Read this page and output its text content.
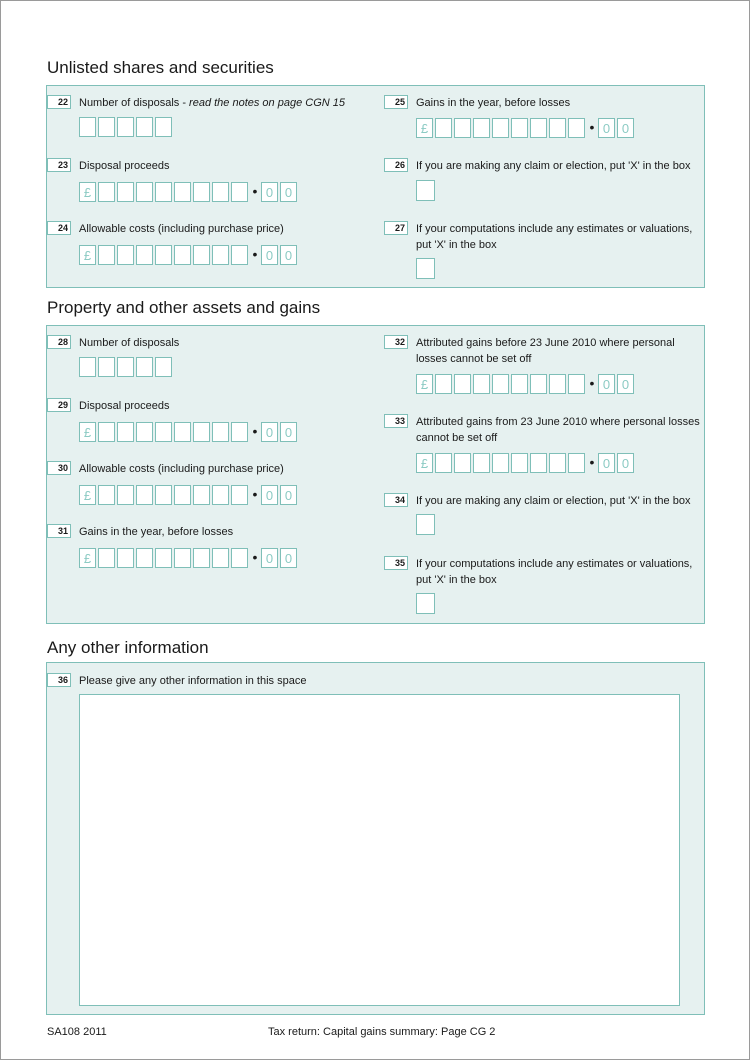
Unlisted shares and securities
22 Number of disposals - read the notes on page CGN 15
23 Disposal proceeds
£	• 0 0
24 Allowable costs (including purchase price)
£	• 0 0
25 Gains in the year, before losses
£	• 0 0
26 If you are making any claim or election, put 'X' in the box
27 If your computations include any estimates or valuations, put 'X' in the box
Property and other assets and gains
28 Number of disposals
29 Disposal proceeds
£	• 0 0
30 Allowable costs (including purchase price)
£	• 0 0
31 Gains in the year, before losses
£	• 0 0
32 Attributed gains before 23 June 2010 where personal losses cannot be set off
£	• 0 0
33 Attributed gains from 23 June 2010 where personal losses cannot be set off
£	• 0 0
34 If you are making any claim or election, put 'X' in the box
35 If your computations include any estimates or valuations, put 'X' in the box
Any other information
36 Please give any other information in this space
SA108 2011	Tax return: Capital gains summary: Page CG 2
